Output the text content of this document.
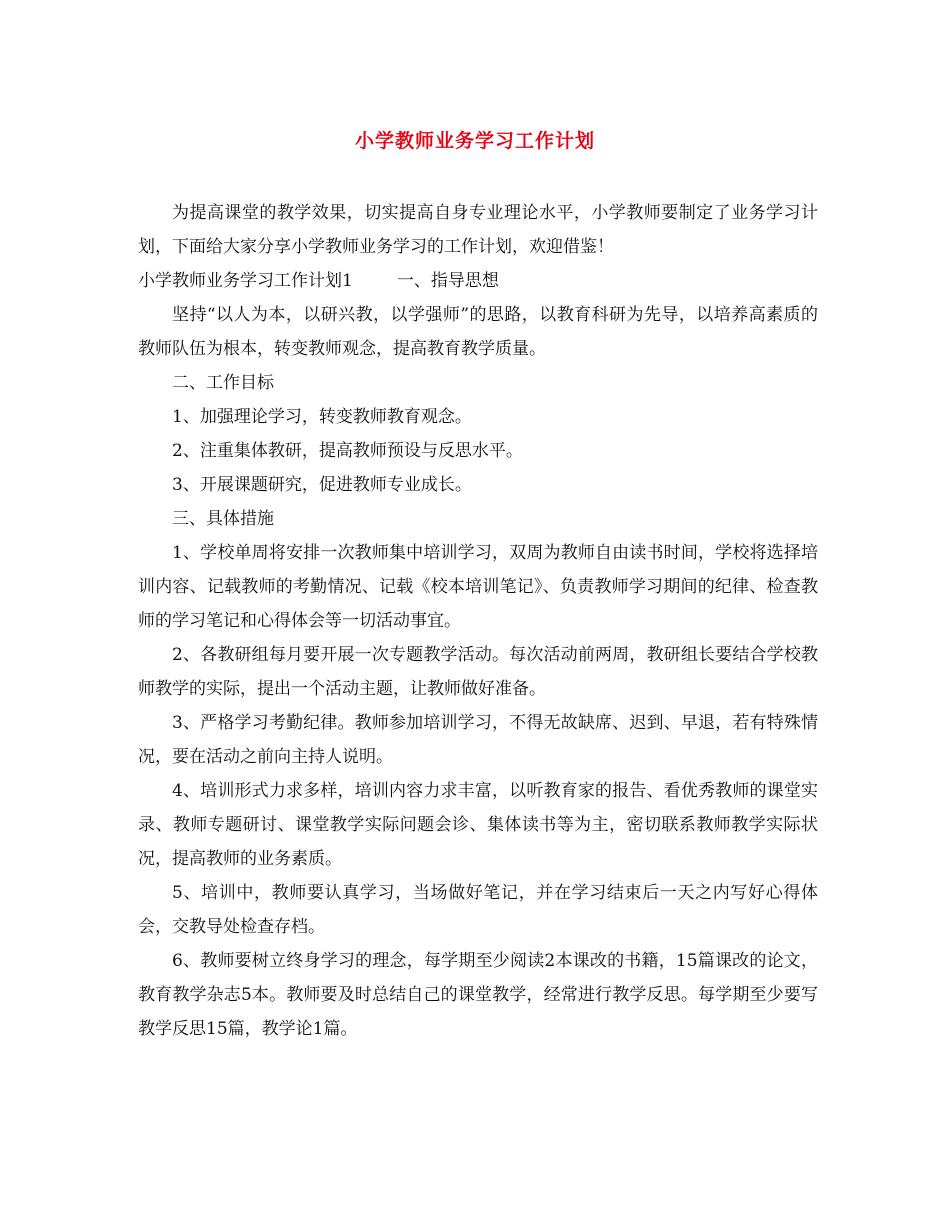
小学教师业务学习工作计划

为提高课堂的教学效果，切实提高自身专业理论水平，小学教师要制定了业务学习计划，下面给大家分享小学教师业务学习的工作计划，欢迎借鉴！

小学教师业务学习工作计划1	一、指导思想

坚持“以人为本，以研兴教，以学强师”的思路，以教育科研为先导，以培养高素质的教师队伍为根本，转变教师观念，提高教育教学质量。

二、工作目标

1、加强理论学习，转变教师教育观念。

2、注重集体教研，提高教师预设与反思水平。

3、开展课题研究，促进教师专业成长。

三、具体措施

1、学校单周将安排一次教师集中培训学习，双周为教师自由读书时间，学校将选择培训内容、记载教师的考勤情况、记载《校本培训笔记》、负责教师学习期间的纪律、检查教师的学习笔记和心得体会等一切活动事宜。

2、各教研组每月要开展一次专题教学活动。每次活动前两周，教研组长要结合学校教师教学的实际，提出一个活动主题，让教师做好准备。

3、严格学习考勤纪律。教师参加培训学习，不得无故缺席、迟到、早退，若有特殊情况，要在活动之前向主持人说明。

4、培训形式力求多样，培训内容力求丰富，以听教育家的报告、看优秀教师的课堂实录、教师专题研讨、课堂教学实际问题会诊、集体读书等为主，密切联系教师教学实际状况，提高教师的业务素质。

5、培训中，教师要认真学习，当场做好笔记，并在学习结束后一天之内写好心得体会，交教导处检查存档。

6、教师要树立终身学习的理念，每学期至少阅读2本课改的书籍，15篇课改的论文，教育教学杂志5本。教师要及时总结自己的课堂教学，经常进行教学反思。每学期至少要写教学反思15篇，教学论1篇。
